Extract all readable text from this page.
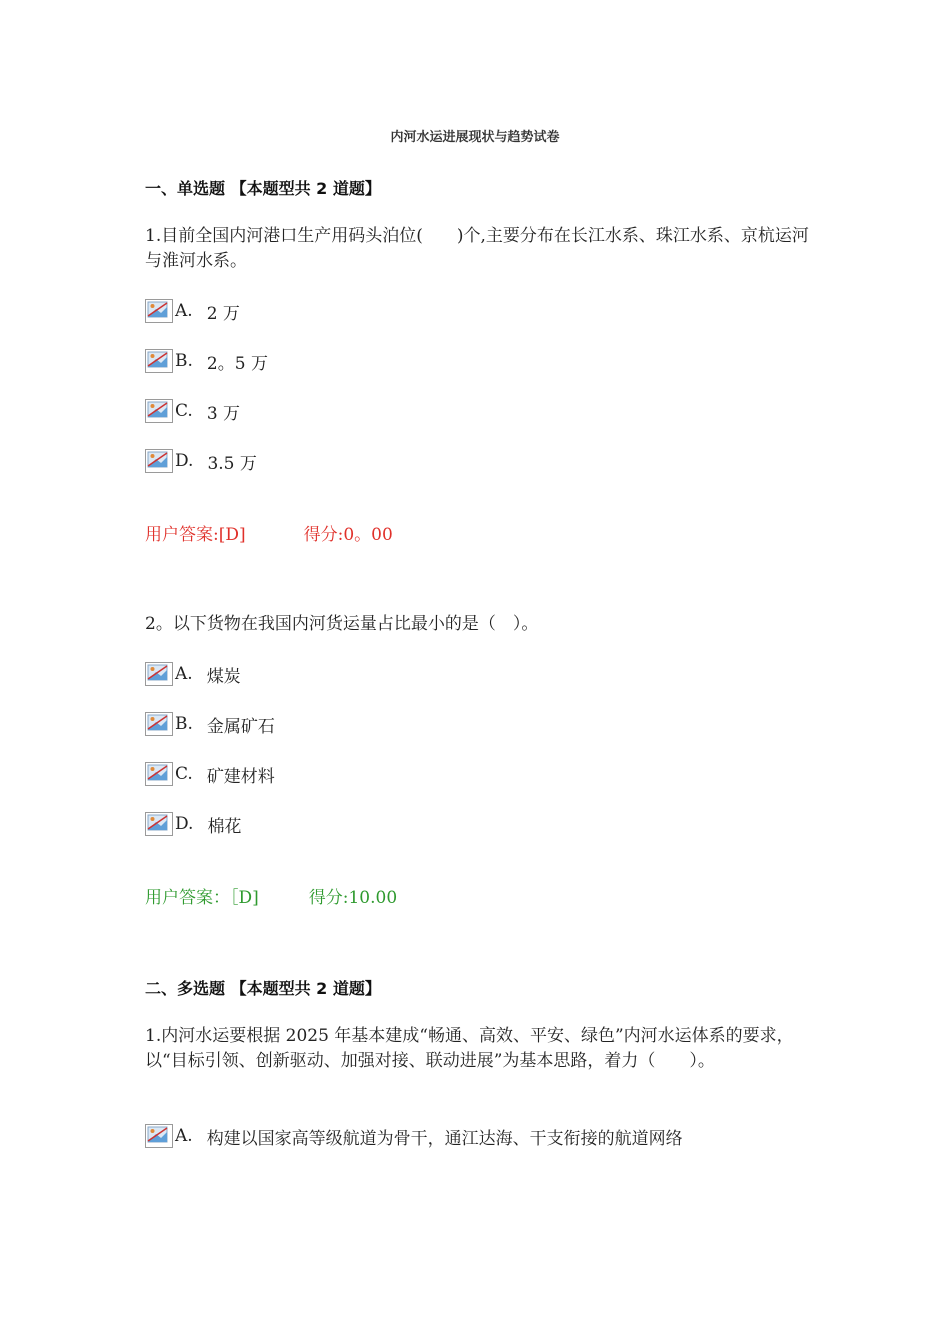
内河水运进展现状与趋势试卷
一、单选题 【本题型共 2 道题】
1.目前全国内河港口生产用码头泊位(　　)个,主要分布在长江水系、珠江水系、京杭运河与淮河水系。
A. 2 万
B. 2。5 万
C. 3 万
D. 3.5 万
用户答案:[D]	得分:0。00
2。以下货物在我国内河货运量占比最小的是（　）。
A. 煤炭
B. 金属矿石
C. 矿建材料
D. 棉花
用户答案：［D]	得分:10.00
二、多选题 【本题型共 2 道题】
1.内河水运要根据 2025 年基本建成“畅通、高效、平安、绿色”内河水运体系的要求，以“目标引领、创新驱动、加强对接、联动进展”为基本思路，着力（　　）。
A. 构建以国家高等级航道为骨干，通江达海、干支衔接的航道网络
